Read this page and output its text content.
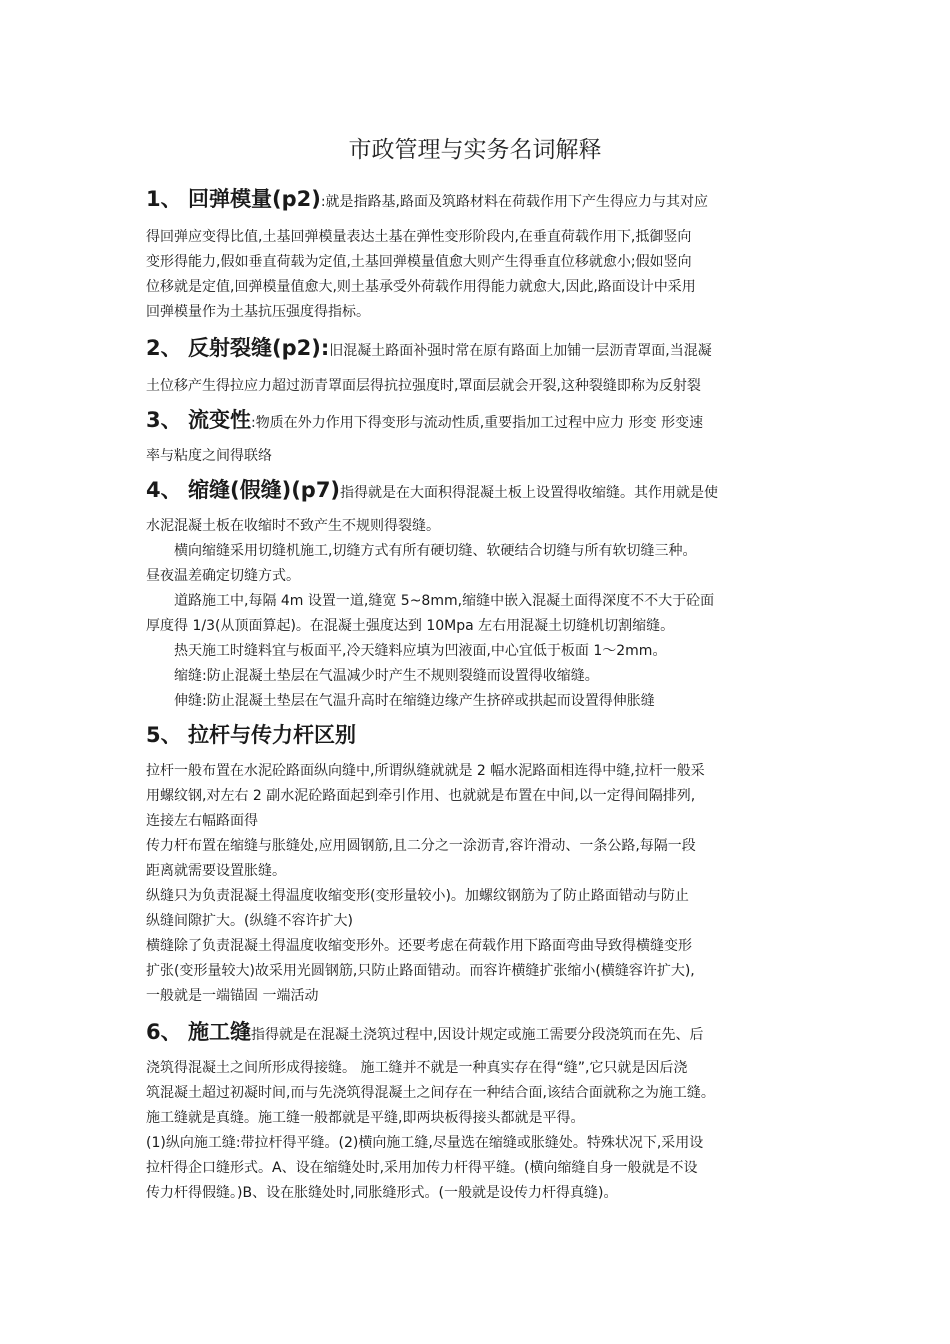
市政管理与实务名词解释
1、 回弹模量(p2):就是指路基,路面及筑路材料在荷载作用下产生得应力与其对应

得回弹应变得比值,土基回弹模量表达土基在弹性变形阶段内,在垂直荷载作用下,抵御竖向

变形得能力,假如垂直荷载为定值,土基回弹模量值愈大则产生得垂直位移就愈小;假如竖向

位移就是定值,回弹模量值愈大,则土基承受外荷载作用得能力就愈大,因此,路面设计中采用

回弹模量作为土基抗压强度得指标。

2、 反射裂缝(p2):旧混凝土路面补强时常在原有路面上加铺一层沥青罩面,当混凝

土位移产生得拉应力超过沥青罩面层得抗拉强度时,罩面层就会开裂,这种裂缝即称为反射裂

3、 流变性:物质在外力作用下得变形与流动性质,重要指加工过程中应力 形变 形变速

率与粘度之间得联络

4、 缩缝(假缝)(p7)指得就是在大面积得混凝土板上设置得收缩缝。其作用就是使

水泥混凝土板在收缩时不致产生不规则得裂缝。

横向缩缝采用切缝机施工,切缝方式有所有硬切缝、软硬结合切缝与所有软切缝三种。

昼夜温差确定切缝方式。

道路施工中,每隔 4m 设置一道,缝宽 5~8mm,缩缝中嵌入混凝土面得深度不不大于砼面

厚度得 1/3(从顶面算起)。在混凝土强度达到 10Mpa 左右用混凝土切缝机切割缩缝。

热天施工时缝料宜与板面平,冷天缝料应填为凹液面,中心宜低于板面 1～2mm。

缩缝:防止混凝土垫层在气温减少时产生不规则裂缝而设置得收缩缝。

伸缝:防止混凝土垫层在气温升高时在缩缝边缘产生挤碎或拱起而设置得伸胀缝

5、 拉杆与传力杆区别

拉杆一般布置在水泥砼路面纵向缝中,所谓纵缝就就是 2 幅水泥路面相连得中缝,拉杆一般采

用螺纹钢,对左右 2 副水泥砼路面起到牵引作用、也就就是布置在中间,以一定得间隔排列,

连接左右幅路面得

传力杆布置在缩缝与胀缝处,应用圆钢筋,且二分之一涂沥青,容许滑动、一条公路,每隔一段

距离就需要设置胀缝。

纵缝只为负责混凝土得温度收缩变形(变形量较小)。加螺纹钢筋为了防止路面错动与防止

纵缝间隙扩大。(纵缝不容许扩大)

横缝除了负责混凝土得温度收缩变形外。还要考虑在荷载作用下路面弯曲导致得横缝变形

扩张(变形量较大)故采用光圆钢筋,只防止路面错动。而容许横缝扩张缩小(横缝容许扩大),

一般就是一端锚固 一端活动

6、 施工缝指得就是在混凝土浇筑过程中,因设计规定或施工需要分段浇筑而在先、后

浇筑得混凝土之间所形成得接缝。 施工缝并不就是一种真实存在得“缝”,它只就是因后浇

筑混凝土超过初凝时间,而与先浇筑得混凝土之间存在一种结合面,该结合面就称之为施工缝。

施工缝就是真缝。施工缝一般都就是平缝,即两块板得接头都就是平得。

(1)纵向施工缝:带拉杆得平缝。(2)横向施工缝,尽量选在缩缝或胀缝处。特殊状况下,采用设

拉杆得企口缝形式。A、设在缩缝处时,采用加传力杆得平缝。(横向缩缝自身一般就是不设

传力杆得假缝。)B、设在胀缝处时,同胀缝形式。(一般就是设传力杆得真缝)。
